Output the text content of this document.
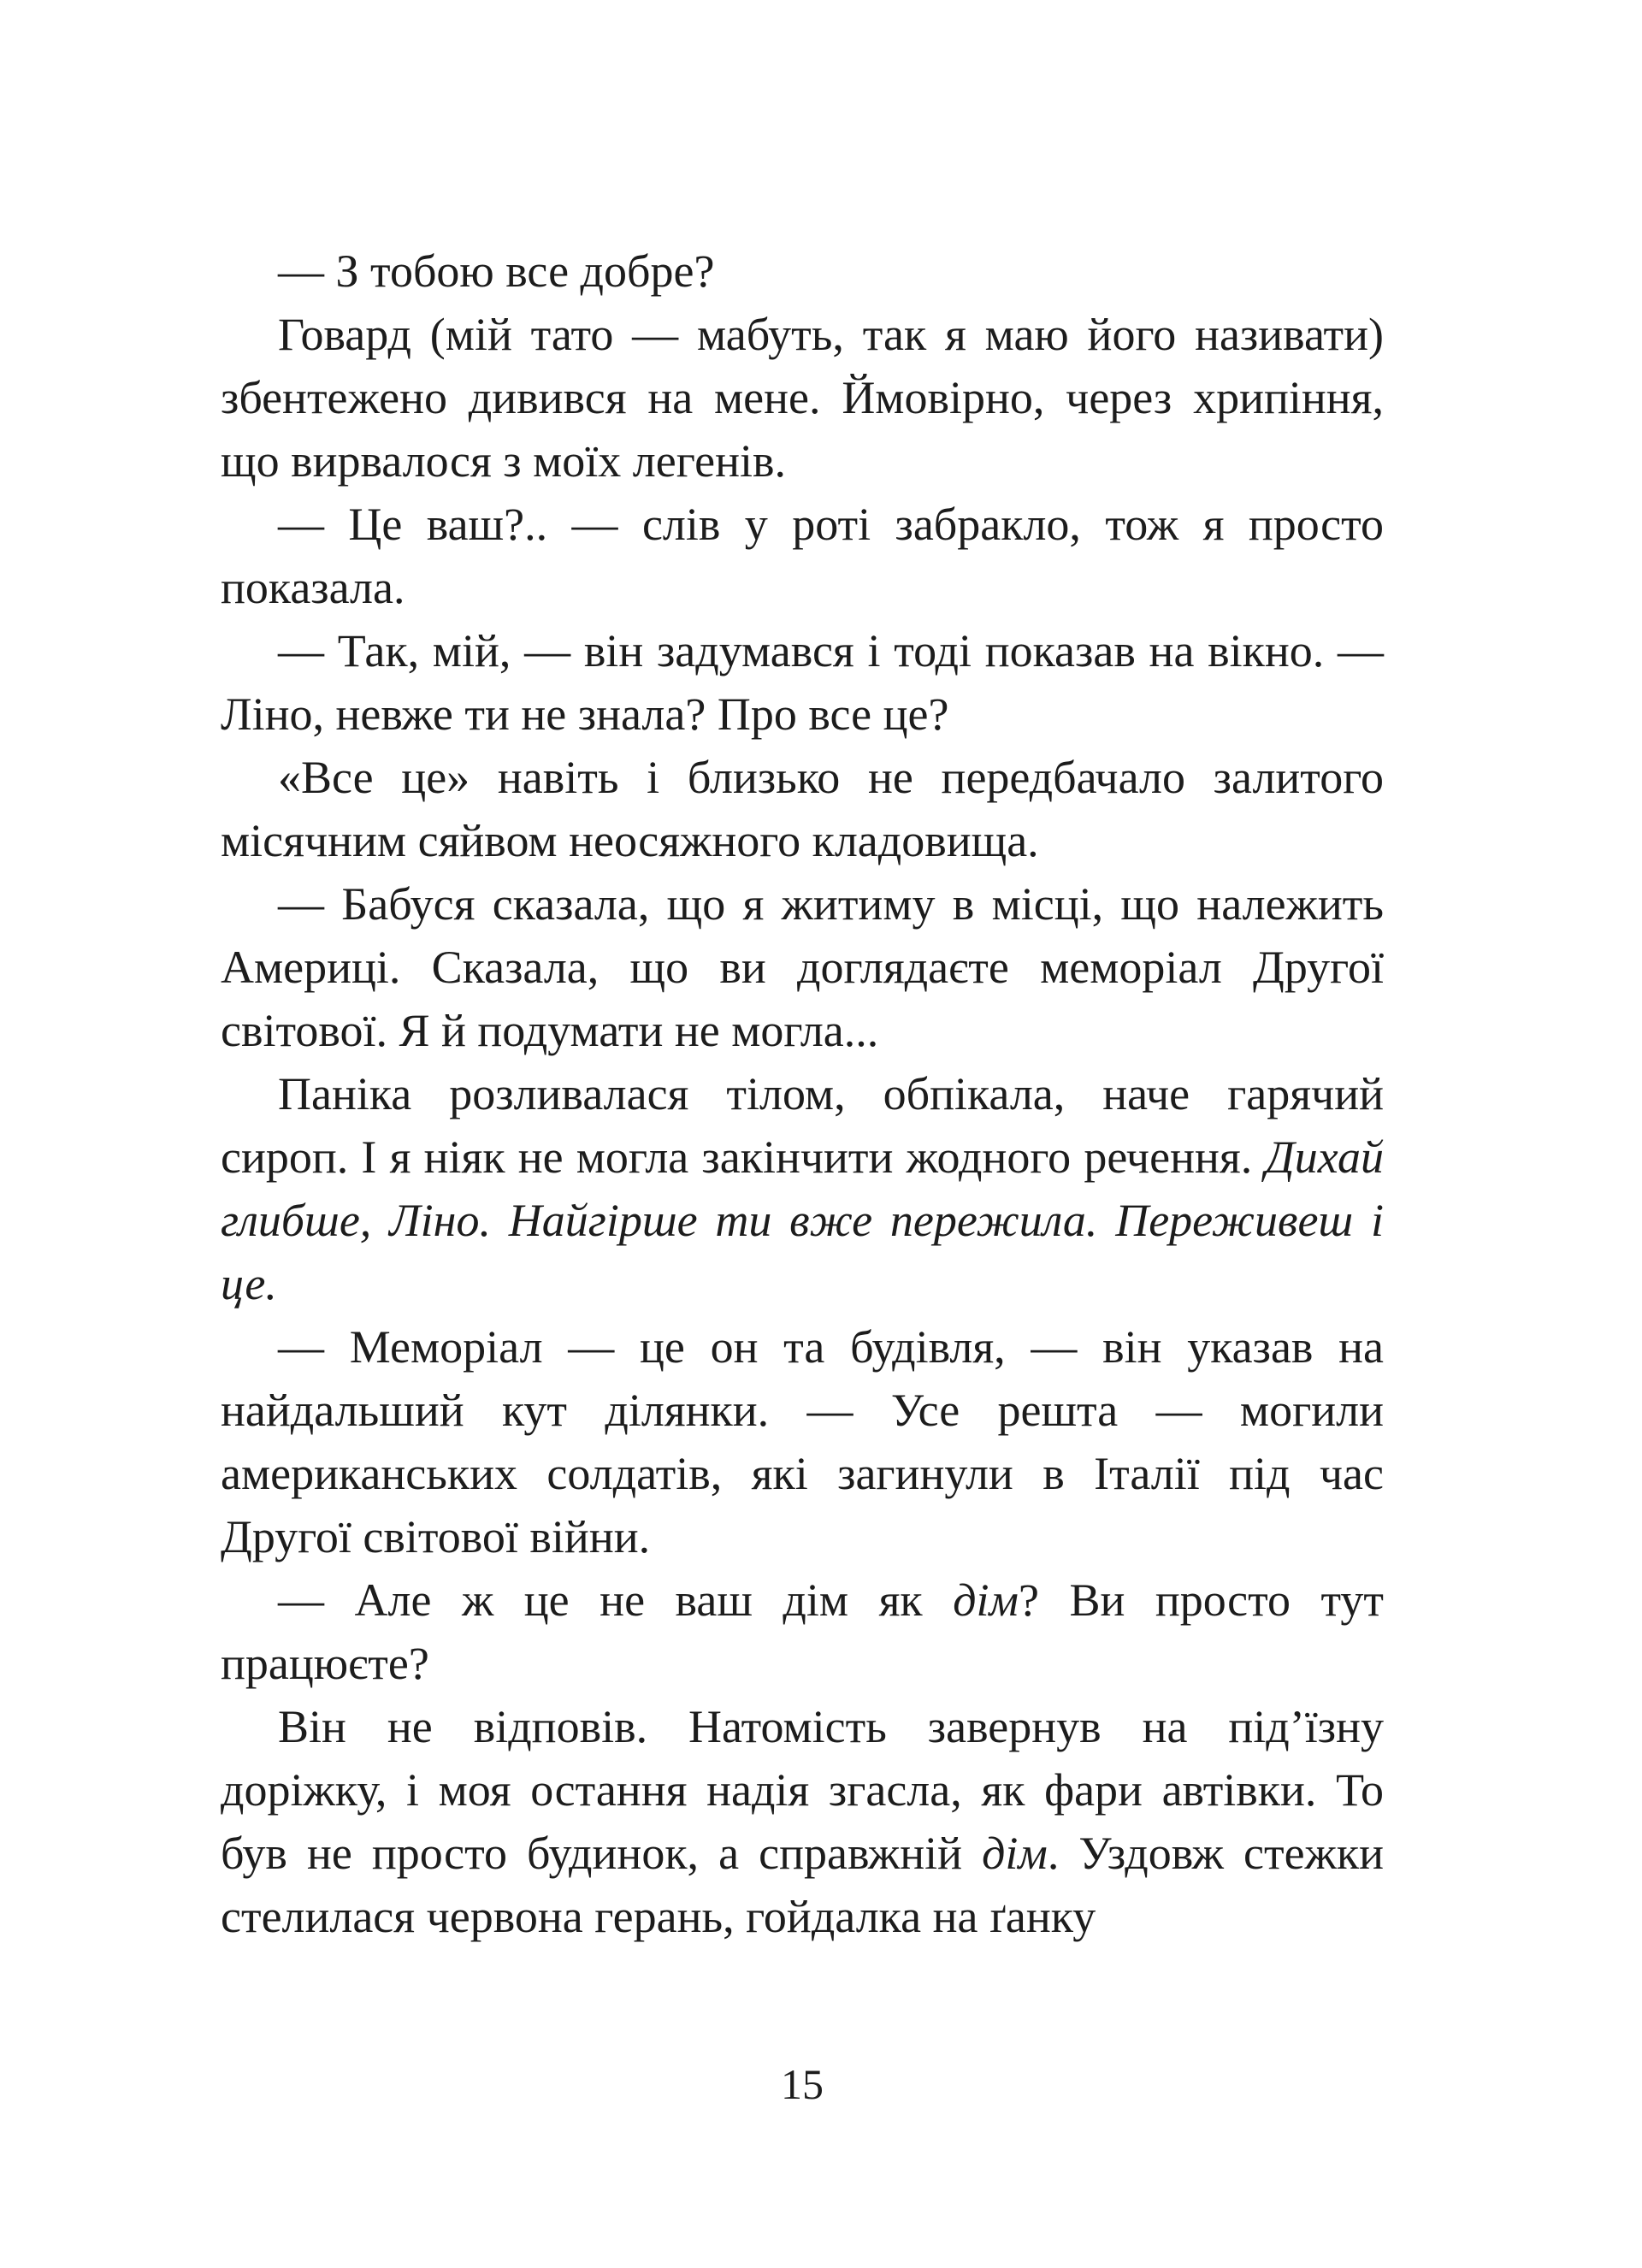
— З тобою все добре?

Говард (мій тато — мабуть, так я маю його називати) збентежено дивився на мене. Ймовірно, через хрипіння, що вирвалося з моїх легенів.

— Це ваш?.. — слів у роті забракло, тож я просто показала.

— Так, мій, — він задумався і тоді показав на вікно. — Ліно, невже ти не знала? Про все це?

«Все це» навіть і близько не передбачало залитого місячним сяйвом неосяжного кладовища.

— Бабуся сказала, що я житиму в місці, що належить Америці. Сказала, що ви доглядаєте меморіал Другої світової. Я й подумати не могла...

Паніка розливалася тілом, обпікала, наче гарячий сироп. І я ніяк не могла закінчити жодного речення. Дихай глибше, Ліно. Найгірше ти вже пережила. Переживеш і це.

— Меморіал — це он та будівля, — він указав на найдальший кут ділянки. — Усе решта — могили американських солдатів, які загинули в Італії під час Другої світової війни.

— Але ж це не ваш дім як дім? Ви просто тут працюєте?

Він не відповів. Натомість завернув на під’їзну доріжку, і моя остання надія згасла, як фари автівки. То був не просто будинок, а справжній дім. Уздовж стежки стелилася червона герань, гойдалка на ґанку

15
